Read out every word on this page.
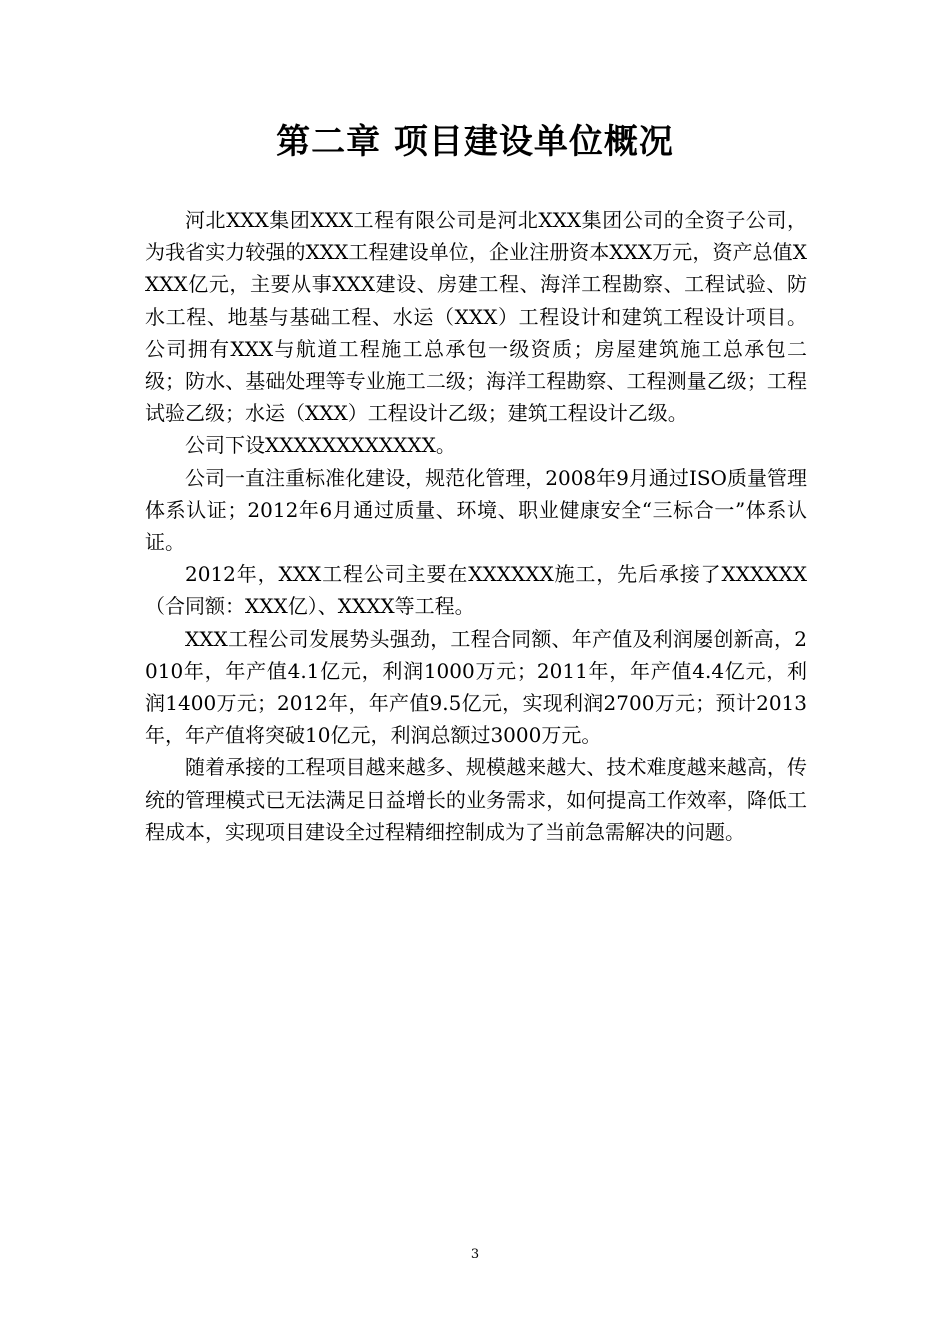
第二章 项目建设单位概况

河北XXX集团XXX工程有限公司是河北XXX集团公司的全资子公司，为我省实力较强的XXX工程建设单位，企业注册资本XXX万元，资产总值XXXX亿元，主要从事XXX建设、房建工程、海洋工程勘察、工程试验、防水工程、地基与基础工程、水运（XXX）工程设计和建筑工程设计项目。公司拥有XXX与航道工程施工总承包一级资质；房屋建筑施工总承包二级；防水、基础处理等专业施工二级；海洋工程勘察、工程测量乙级；工程试验乙级；水运（XXX）工程设计乙级；建筑工程设计乙级。

公司下设XXXXXXXXXXXX。

公司一直注重标准化建设，规范化管理，2008年9月通过ISO质量管理体系认证；2012年6月通过质量、环境、职业健康安全“三标合一”体系认证。

2012年，XXX工程公司主要在XXXXXX施工，先后承接了XXXXXX（合同额：XXX亿）、XXXX等工程。

XXX工程公司发展势头强劲，工程合同额、年产值及利润屡创新高，2010年，年产值4.1亿元，利润1000万元；2011年，年产值4.4亿元，利润1400万元；2012年，年产值9.5亿元，实现利润2700万元；预计2013年，年产值将突破10亿元，利润总额过3000万元。

随着承接的工程项目越来越多、规模越来越大、技术难度越来越高，传统的管理模式已无法满足日益增长的业务需求，如何提高工作效率，降低工程成本，实现项目建设全过程精细控制成为了当前急需解决的问题。

3
